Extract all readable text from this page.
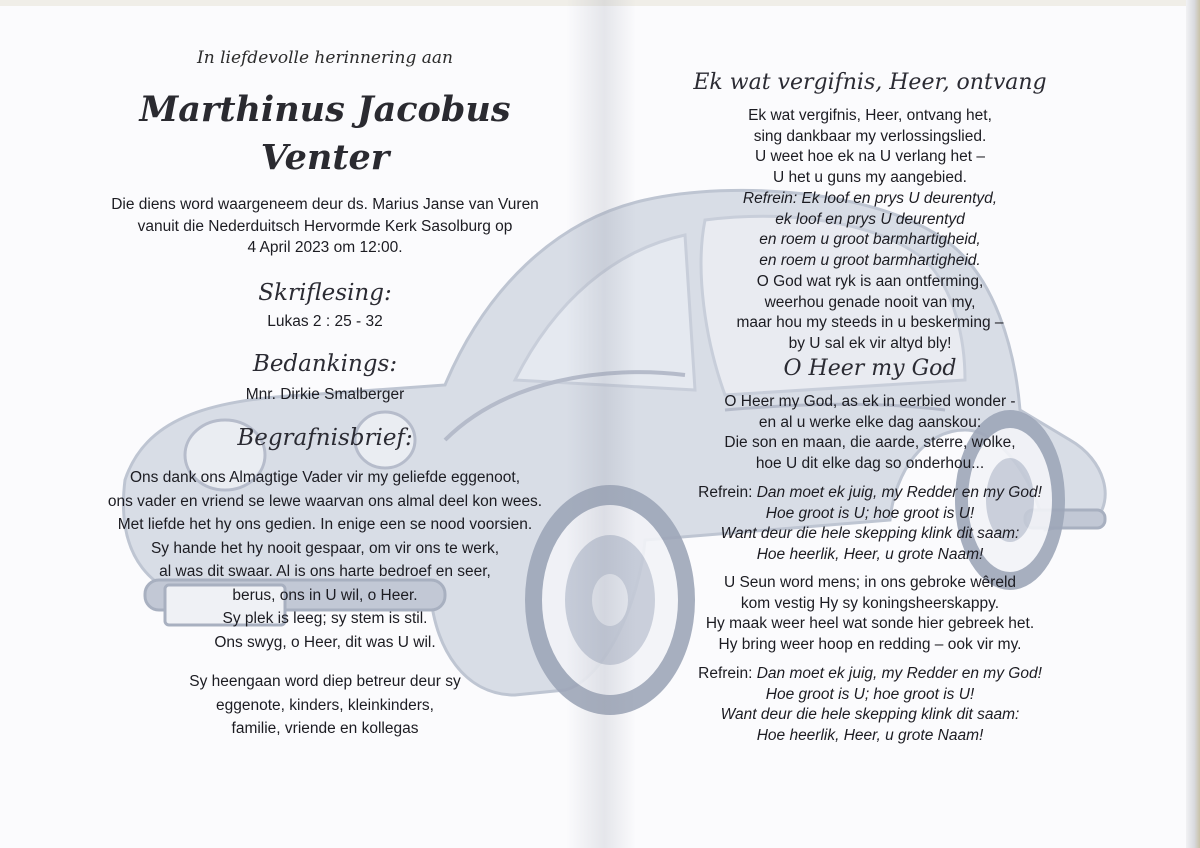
In liefdevolle herinnering aan

Marthinus Jacobus

Venter

Die diens word waargeneem deur ds. Marius Janse van Vuren
vanuit die Nederduitsch Hervormde Kerk Sasolburg op
4 April 2023 om 12:00.

Skriflesing:

Lukas 2 : 25 - 32

Bedankings:

Mnr. Dirkie Smalberger

Begrafnisbrief:

Ons dank ons Almagtige Vader vir my geliefde eggenoot,
ons vader en vriend se lewe waarvan ons almal deel kon wees.
Met liefde het hy ons gedien. In enige een se nood voorsien.
Sy hande het hy nooit gespaar, om vir ons te werk,
al was dit swaar. Al is ons harte bedroef en seer,
berus, ons in U wil, o Heer.
Sy plek is leeg; sy stem is stil.
Ons swyg, o Heer, dit was U wil.
Sy heengaan word diep betreur deur sy
eggenote, kinders, kleinkinders,
familie, vriende en kollegas

Ek wat vergifnis, Heer, ontvang

Ek wat vergifnis, Heer, ontvang het,
sing dankbaar my verlossingslied.
U weet hoe ek na U verlang het –
U het u guns my aangebied.
Refrein: Ek loof en prys U deurentyd,
ek loof en prys U deurentyd
en roem u groot barmhartigheid,
en roem u groot barmhartigheid.
O God wat ryk is aan ontferming,
weerhou genade nooit van my,
maar hou my steeds in u beskerming –
by U sal ek vir altyd bly!

O Heer my God

O Heer my God, as ek in eerbied wonder -
en al u werke elke dag aanskou:
Die son en maan, die aarde, sterre, wolke,
hoe U dit elke dag so onderhou...
Refrein: Dan moet ek juig, my Redder en my God!
Hoe groot is U; hoe groot is U!
Want deur die hele skepping klink dit saam:
Hoe heerlik, Heer, u grote Naam!
U Seun word mens; in ons gebroke wêreld
kom vestig Hy sy koningsheerskappy.
Hy maak weer heel wat sonde hier gebreek het.
Hy bring weer hoop en redding – ook vir my.
Refrein: Dan moet ek juig, my Redder en my God!
Hoe groot is U; hoe groot is U!
Want deur die hele skepping klink dit saam:
Hoe heerlik, Heer, u grote Naam!
